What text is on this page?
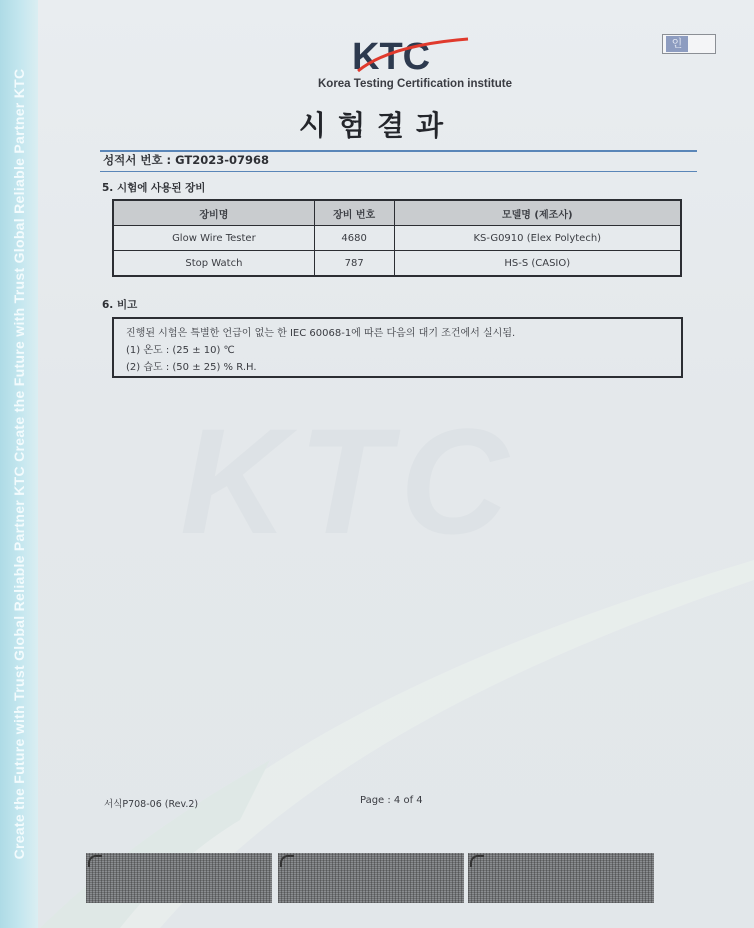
Create the Future with Trust Global Reliable Partner KTC Create the Future with Trust Global Reliable Partner KTC KTC
KTC
Korea Testing Certification institute
인
시험결과
성적서 번호 : GT2023-07968
5. 시험에 사용된 장비
장비명	장비 번호	모델명 (제조사)
Glow Wire Tester	4680	KS-G0910 (Elex Polytech)
Stop Watch	787	HS-S (CASIO)
6. 비고
진행된 시험은 특별한 언급이 없는 한 IEC 60068-1에 따른 다음의 대기 조건에서 실시됨.
(1) 온도 : (25 ± 10) ℃
(2) 습도 : (50 ± 25) % R.H.
서식P708-06 (Rev.2)	Page : 4 of 4
